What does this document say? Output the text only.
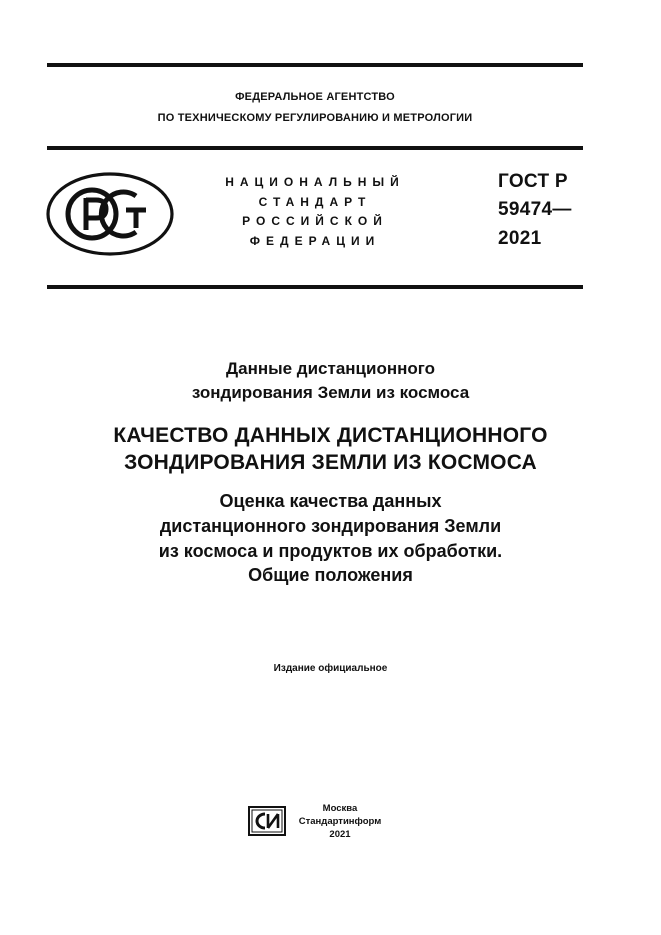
ФЕДЕРАЛЬНОЕ АГЕНТСТВО
ПО ТЕХНИЧЕСКОМУ РЕГУЛИРОВАНИЮ И МЕТРОЛОГИИ
НАЦИОНАЛЬНЫЙ
СТАНДАРТ
РОССИЙСКОЙ
ФЕДЕРАЦИИ
ГОСТ Р
59474—
2021
Данные дистанционного
зондирования Земли из космоса
КАЧЕСТВО ДАННЫХ ДИСТАНЦИОННОГО
ЗОНДИРОВАНИЯ ЗЕМЛИ ИЗ КОСМОСА
Оценка качества данных
дистанционного зондирования Земли
из космоса и продуктов их обработки.
Общие положения
Издание официальное
Москва
Стандартинформ
2021
